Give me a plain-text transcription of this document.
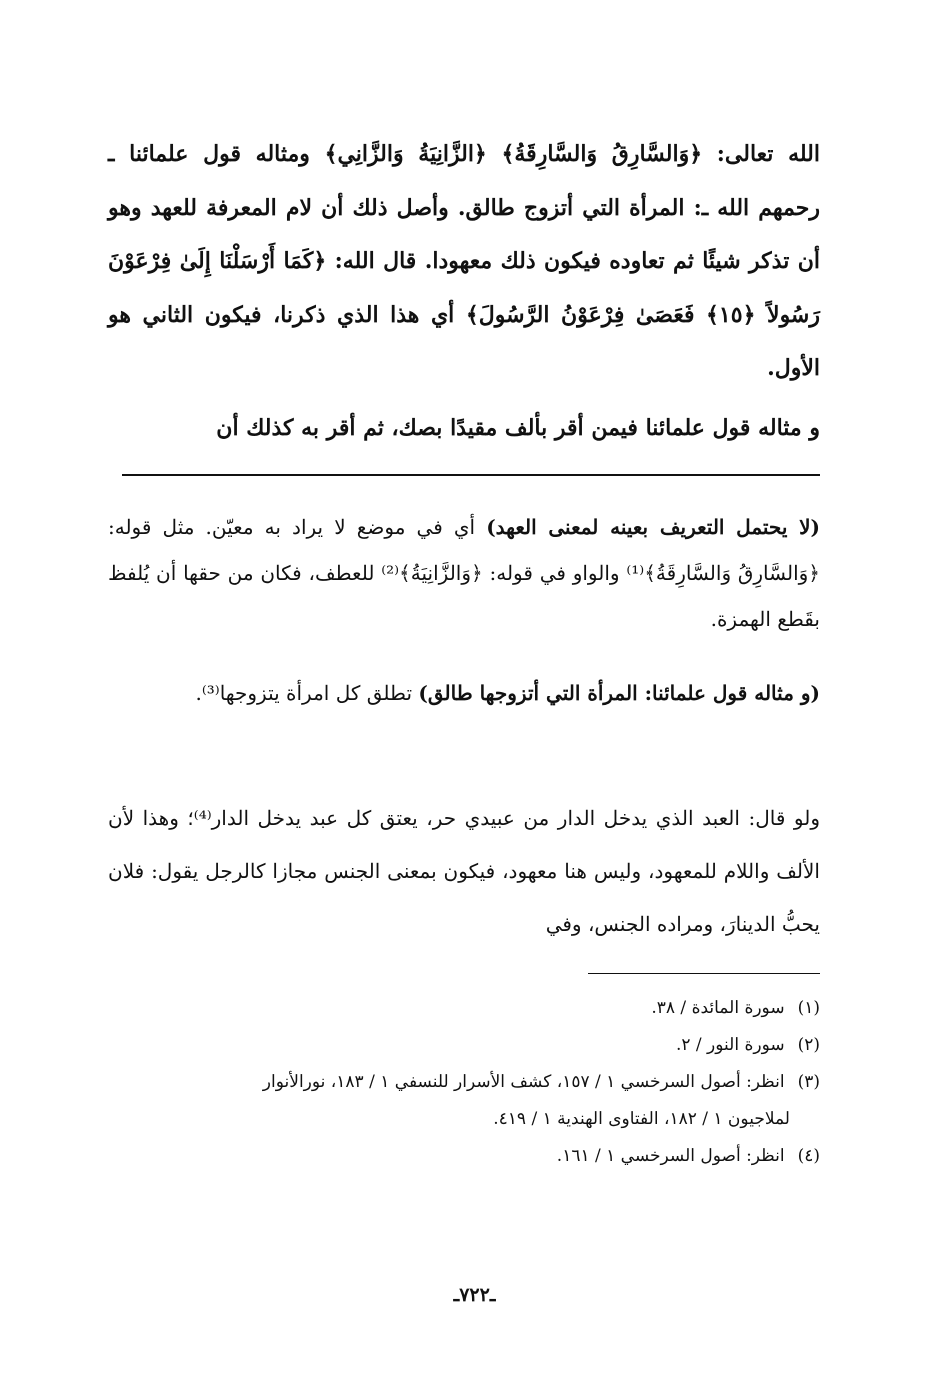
الله تعالى: ﴿وَالسَّارِقُ وَالسَّارِقَةُ﴾ ﴿الزَّانِيَةُ وَالزَّانِي﴾ ومثاله قول علمائنا ـ رحمهم الله ـ: المرأة التي أتزوج طالق. وأصل ذلك أن لام المعرفة للعهد وهو أن تذكر شيئًا ثم تعاوده فيكون ذلك معهودا. قال الله: ﴿كَمَا أَرْسَلْنَا إِلَىٰ فِرْعَوْنَ رَسُولاً ﴿١٥﴾ فَعَصَىٰ فِرْعَوْنُ الرَّسُولَ﴾ أي هذا الذي ذكرنا، فيكون الثاني هو الأول.

و مثاله قول علمائنا فيمن أقر بألف مقيدًا بصك، ثم أقر به كذلك أن

(لا يحتمل التعريف بعينه لمعنى العهد) أي في موضع لا يراد به معيّن. مثل قوله: ﴿وَالسَّارِقُ وَالسَّارِقَةُ﴾⁽¹⁾ والواو في قوله: ﴿وَالزَّانِيَةُ﴾⁽²⁾ للعطف، فكان من حقها أن يُلفظ بقَطع الهمزة.

(و مثاله قول علمائنا: المرأة التي أتزوجها طالق) تطلق كل امرأة يتزوجها⁽³⁾.

ولو قال: العبد الذي يدخل الدار من عبيدي حر، يعتق كل عبد يدخل الدار⁽⁴⁾؛ وهذا لأن الألف واللام للمعهود، وليس هنا معهود، فيكون بمعنى الجنس مجازا كالرجل يقول: فلان يحبُّ الدينارَ، ومراده الجنس، وفي

(١) سورة المائدة / ٣٨.

(٢) سورة النور / ٢.

(٣) انظر: أصول السرخسي ١ / ١٥٧، كشف الأسرار للنسفي ١ / ١٨٣، نورالأنوار

لملاجيون ١ / ١٨٢، الفتاوى الهندية ١ / ٤١٩.

(٤) انظر: أصول السرخسي ١ / ١٦١.

ـ٧٢٢ـ
